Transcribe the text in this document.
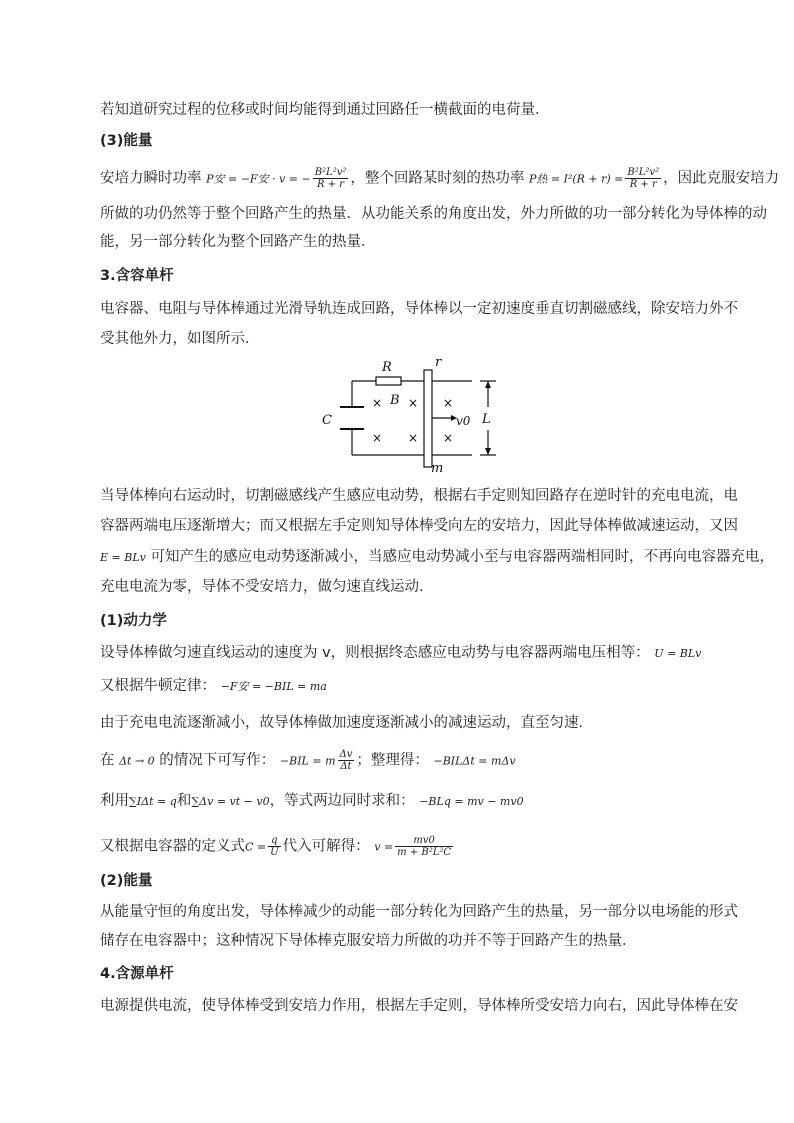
若知道研究过程的位移或时间均能得到通过回路任一横截面的电荷量．
(3)能量
安培力瞬时功率 P安 = −F安 · v = − $\frac{\text{B²L²v²}}{R + r}$ ，整个回路某时刻的热功率 P热 = $I^2(R + r) = \frac{\text{B²L²v²}}{R + r}$ ，因此克服安培力
所做的功仍然等于整个回路产生的热量．从功能关系的角度出发，外力所做的功一部分转化为导体棒的动
能，另一部分转化为整个回路产生的热量．
3.含容单杆
电容器、电阻与导体棒通过光滑导轨连成回路，导体棒以一定初速度垂直切割磁感线，除安培力外不
受其他外力，如图所示．
R	r
B
C	v0 L
m
× × ×
× × ×
当导体棒向右运动时，切割磁感线产生感应电动势，根据右手定则知回路存在逆时针的充电电流，电
容器两端电压逐渐增大；而又根据左手定则知导体棒受向左的安培力，因此导体棒做减速运动，又因
E = BLv 可知产生的感应电动势逐渐减小，当感应电动势减小至与电容器两端相同时，不再向电容器充电，
充电电流为零，导体不受安培力，做匀速直线运动．
(1)动力学
设导体棒做匀速直线运动的速度为 v，则根据终态感应电动势与电容器两端电压相等： U = BLv
又根据牛顿定律： −F安 = −BIL = ma
由于充电电流逐渐减小，故导体棒做加速度逐渐减小的减速运动，直至匀速．
在 Δt → 0 的情况下可写作： −BIL = m $\frac{\Delta v}{\Delta t}$ ；整理得： −BILΔt = mΔv
利用∑IΔt = q和∑Δv = vt − v0，等式两边同时求和： −BLq = mv − mv0
又根据电容器的定义式$C = \frac{q}{U}$ 代入可解得： $v = \frac{mv0}{\text{m + B²L²C}}$
(2)能量
从能量守恒的角度出发，导体棒减少的动能一部分转化为回路产生的热量，另一部分以电场能的形式
储存在电容器中；这种情况下导体棒克服安培力所做的功并不等于回路产生的热量．
4.含源单杆
电源提供电流，使导体棒受到安培力作用，根据左手定则，导体棒所受安培力向右，因此导体棒在安
